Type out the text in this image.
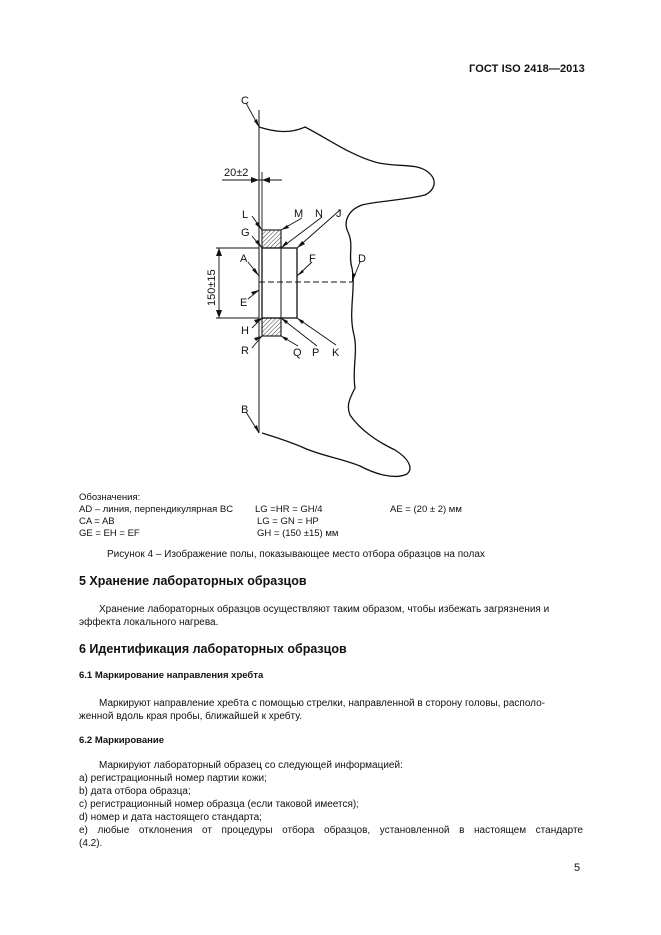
ГОСТ ISO 2418—2013
20±2
150±15
C
B
L
G
M N J
A
E
F	D
H
R	Q P K
Обозначения:
AD – линия, перпендикулярная BC LG =HR = GH/4	AE = (20 ± 2) мм
CA = AB	LG = GN = HP
GE = EH = EF	GH = (150 ±15) мм
Рисунок 4 – Изображение полы, показывающее место отбора образцов на полах
5 Хранение лабораторных образцов
Хранение лабораторных образцов осуществляют таким образом, чтобы избежать загрязнения и
эффекта локального нагрева.
6 Идентификация лабораторных образцов
6.1 Маркирование направления хребта
Маркируют направление хребта с помощью стрелки, направленной в сторону головы, располо-
женной вдоль края пробы, ближайшей к хребту.
6.2 Маркирование
Маркируют лабораторный образец со следующей информацией:
a) регистрационный номер партии кожи;
b) дата отбора образца;
c) регистрационный номер образца (если таковой имеется);
d) номер и дата настоящего стандарта;
e) любые отклонения от процедуры отбора образцов, установленной в настоящем стандарте
(4.2).
5
